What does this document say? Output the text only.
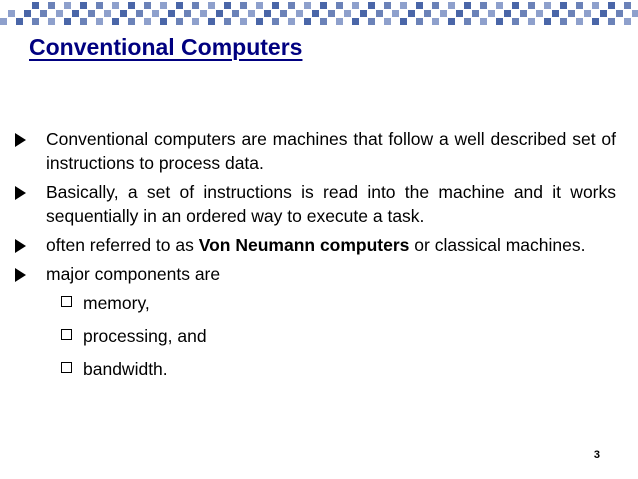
Conventional Computers
Conventional computers are machines that follow a well described set of instructions to process data.
Basically, a set of instructions is read into the machine and it works sequentially in an ordered way to execute a task.
often referred to as Von Neumann computers or classical machines.
major components are
memory,
processing, and
bandwidth.
3
